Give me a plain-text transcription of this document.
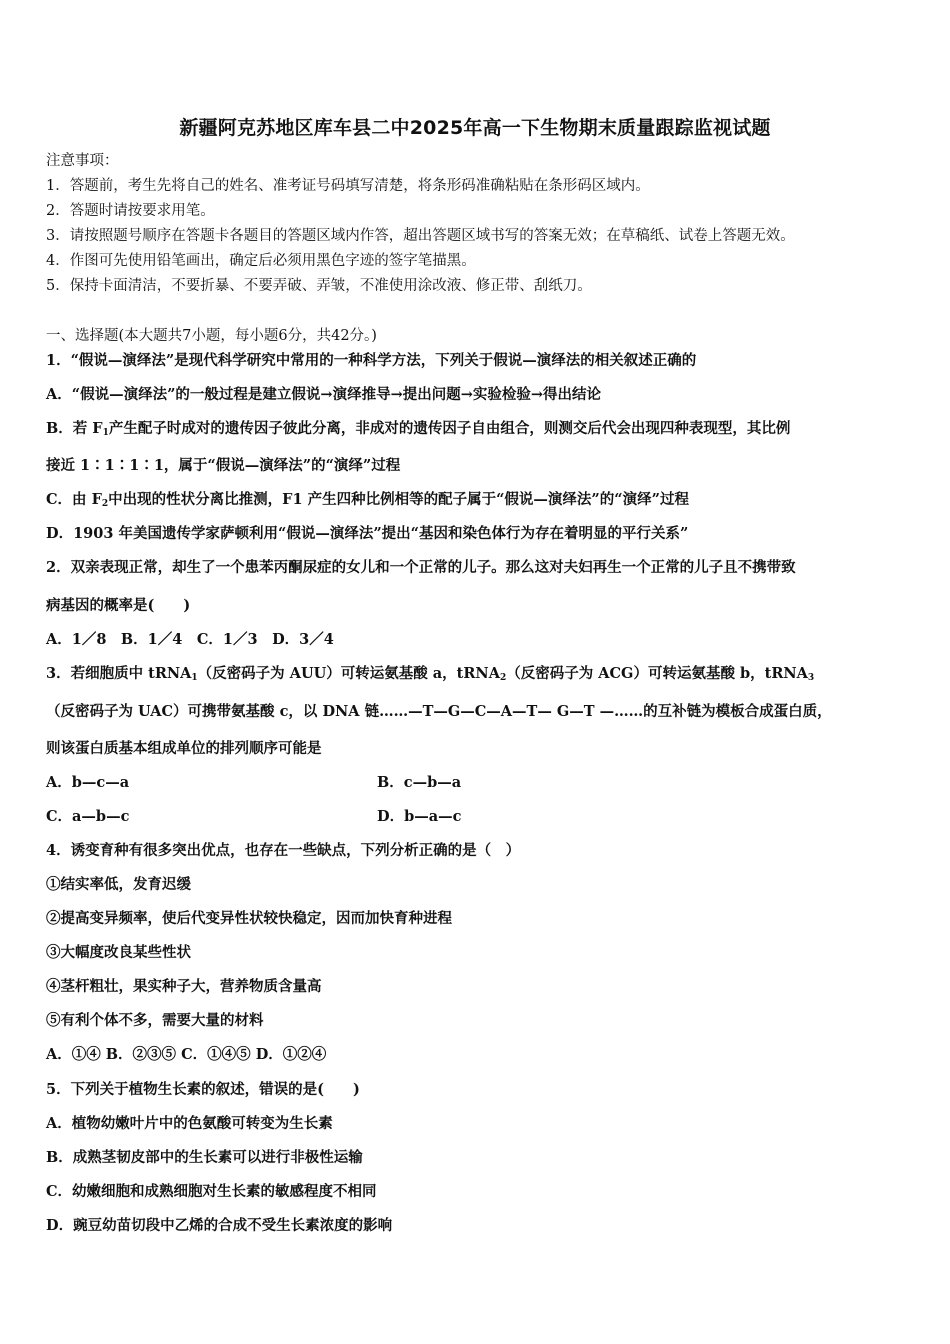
新疆阿克苏地区库车县二中2025年高一下生物期末质量跟踪监视试题
注意事项：
1．答题前，考生先将自己的姓名、准考证号码填写清楚，将条形码准确粘贴在条形码区域内。
2．答题时请按要求用笔。
3．请按照题号顺序在答题卡各题目的答题区域内作答，超出答题区域书写的答案无效；在草稿纸、试卷上答题无效。
4．作图可先使用铅笔画出，确定后必须用黑色字迹的签字笔描黑。
5．保持卡面清洁，不要折暴、不要弄破、弄皱，不准使用涂改液、修正带、刮纸刀。
一、选择题(本大题共7小题，每小题6分，共42分。)
1．“假说—演绎法”是现代科学研究中常用的一种科学方法，下列关于假说—演绎法的相关叙述正确的
A．“假说—演绎法”的一般过程是建立假说→演绎推导→提出问题→实验检验→得出结论
B．若 $F_1$产生配子时成对的遗传因子彼此分离，非成对的遗传因子自由组合，则测交后代会出现四种表现型，其比例
接近 1∶1∶1∶1，属于“假说—演绎法”的“演绎”过程
C．由 $F_2$中出现的性状分离比推测，F1 产生四种比例相等的配子属于“假说—演绎法”的“演绎”过程
D．1903 年美国遗传学家萨顿利用“假说—演绎法”提出“基因和染色体行为存在着明显的平行关系”
2．双亲表现正常，却生了一个患苯丙酮尿症的女儿和一个正常的儿子。那么这对夫妇再生一个正常的儿子且不携带致
病基因的概率是(　　)
A．1／8　B．1／4　C．1／3　D．3／4
3．若细胞质中 tRNA$_1$（反密码子为 AUU）可转运氨基酸 a，tRNA$_2$（反密码子为 ACG）可转运氨基酸 b，tRNA$_3$
（反密码子为 UAC）可携带氨基酸 c，以 DNA 链……—T—G—C—A—T— G—T —……的互补链为模板合成蛋白质，
则该蛋白质基本组成单位的排列顺序可能是
A．b—c—a	B．c—b—a
C．a—b—c	D．b—a—c
4．诱变育种有很多突出优点，也存在一些缺点，下列分析正确的是（　）
①结实率低，发育迟缓
②提高变异频率，使后代变异性状较快稳定，因而加快育种进程
③大幅度改良某些性状
④茎杆粗壮，果实种子大，营养物质含量高
⑤有利个体不多，需要大量的材料
A．①④ B．②③⑤ C．①④⑤ D．①②④
5．下列关于植物生长素的叙述，错误的是(　　)
A．植物幼嫩叶片中的色氨酸可转变为生长素
B．成熟茎韧皮部中的生长素可以进行非极性运输
C．幼嫩细胞和成熟细胞对生长素的敏感程度不相同
D．豌豆幼苗切段中乙烯的合成不受生长素浓度的影响
